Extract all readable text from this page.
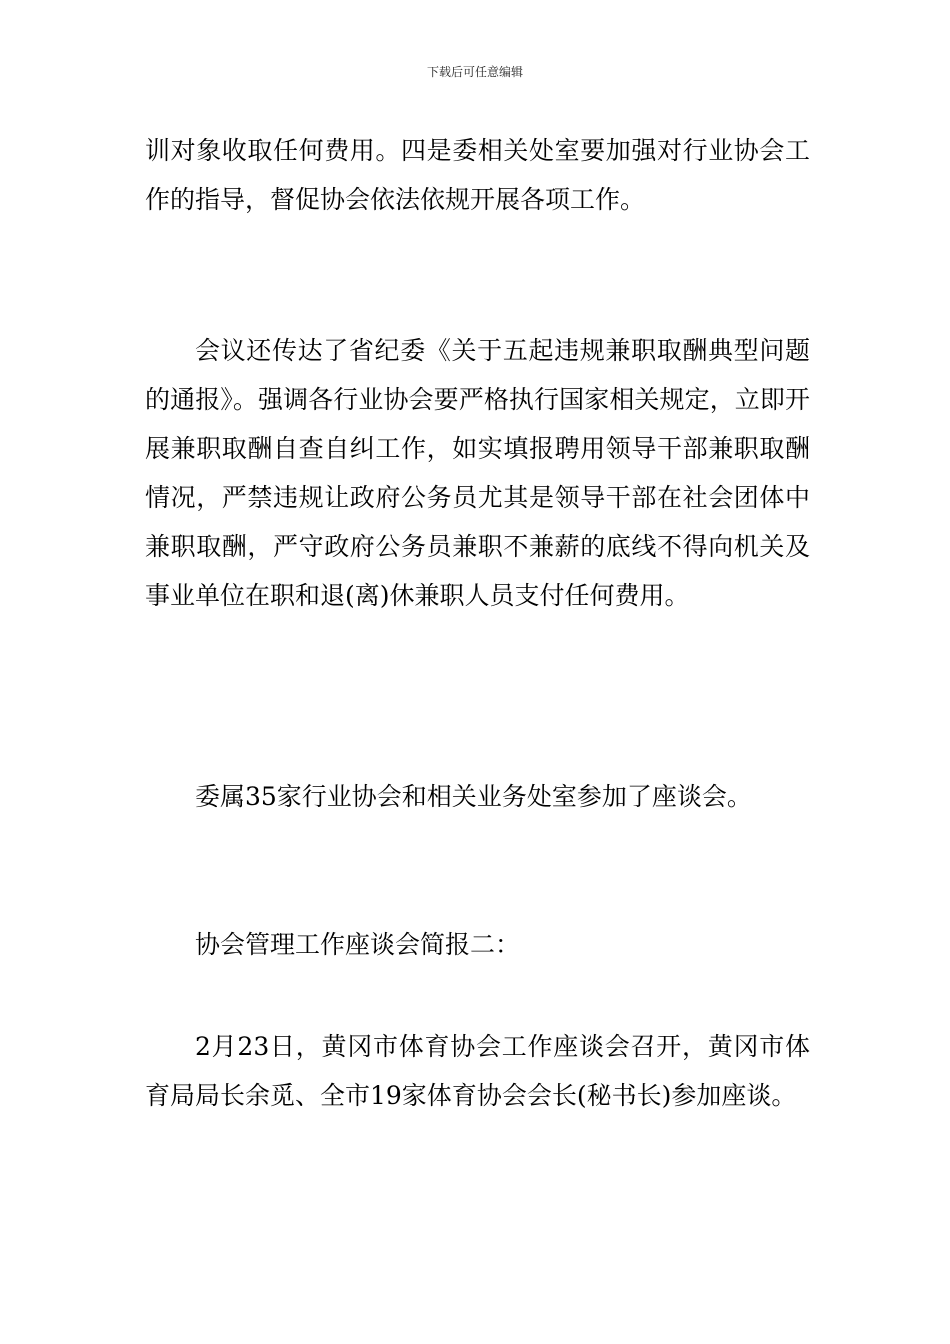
下载后可任意编辑

训对象收取任何费用。四是委相关处室要加强对行业协会工作的指导，督促协会依法依规开展各项工作。

会议还传达了省纪委《关于五起违规兼职取酬典型问题的通报》。强调各行业协会要严格执行国家相关规定，立即开展兼职取酬自查自纠工作，如实填报聘用领导干部兼职取酬情况，严禁违规让政府公务员尤其是领导干部在社会团体中兼职取酬，严守政府公务员兼职不兼薪的底线不得向机关及事业单位在职和退(离)休兼职人员支付任何费用。

委属35家行业协会和相关业务处室参加了座谈会。

协会管理工作座谈会简报二：

2月23日，黄冈市体育协会工作座谈会召开，黄冈市体育局局长余觅、全市19家体育协会会长(秘书长)参加座谈。
